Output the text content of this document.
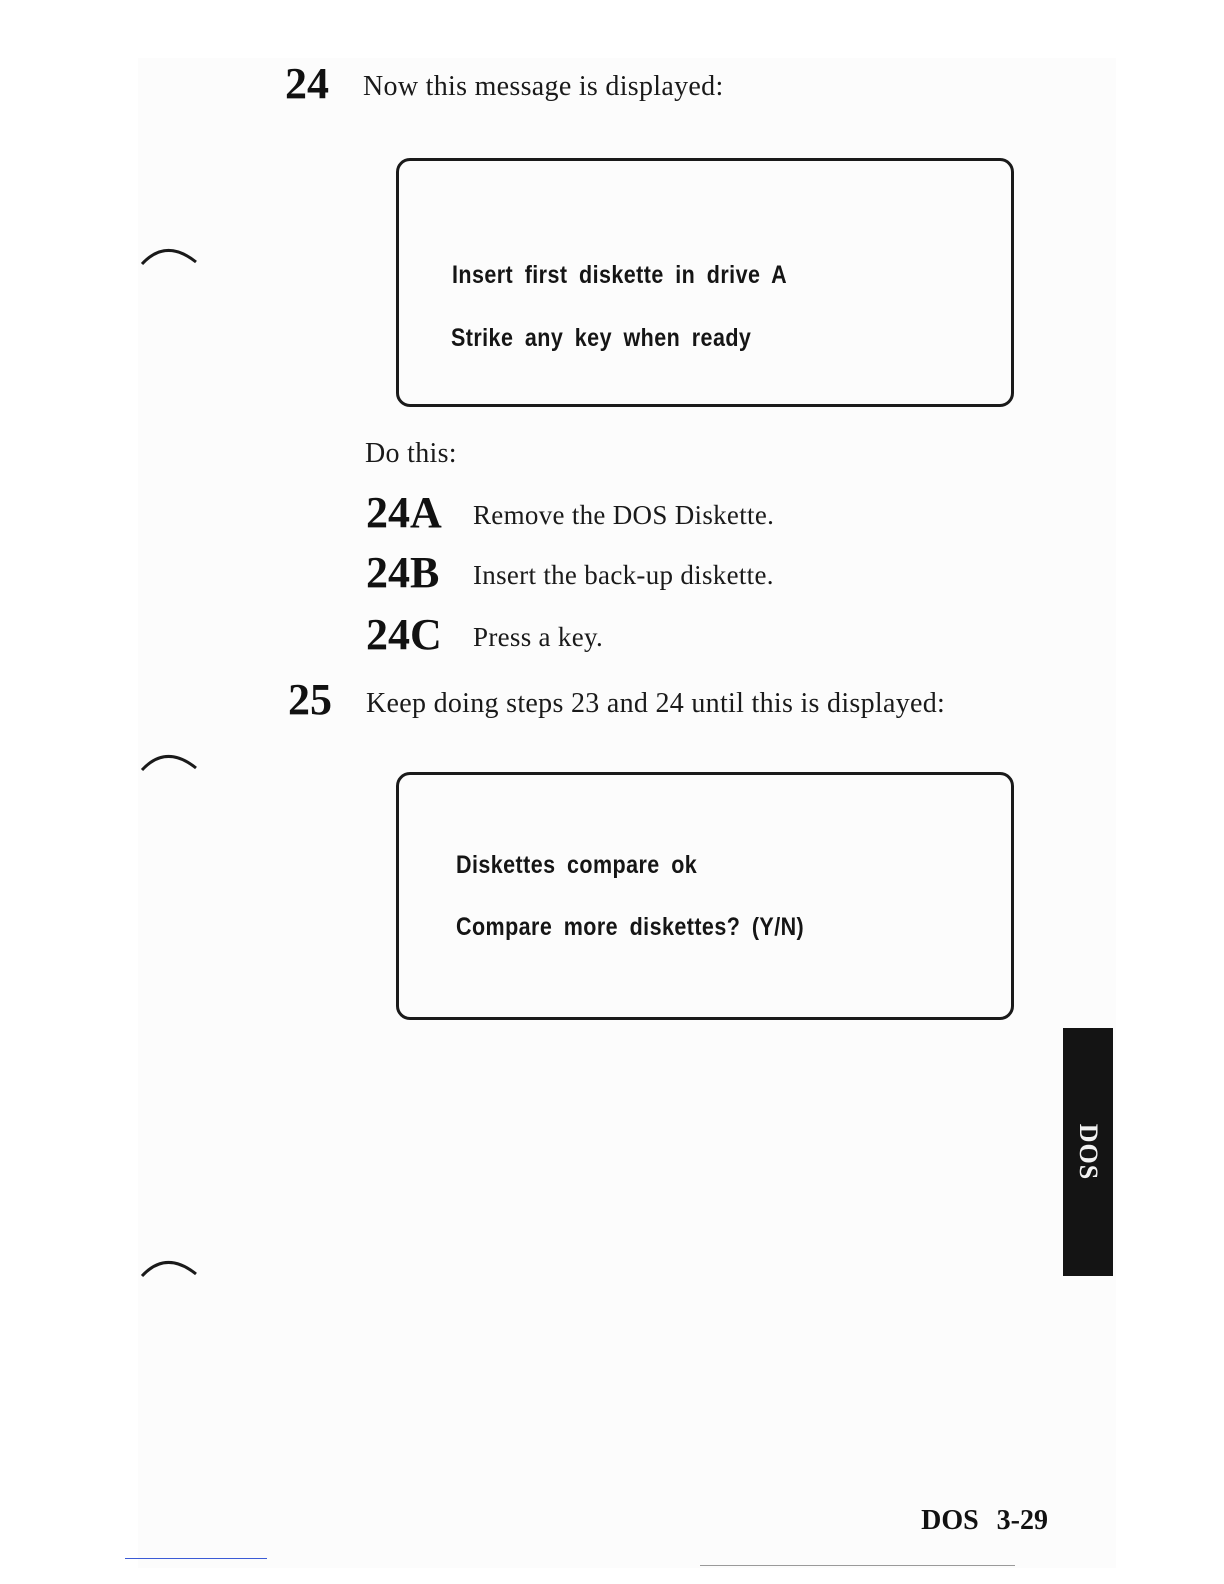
24 Now this message is displayed:
Insert first diskette in drive A
Strike any key when ready
Do this:
24A Remove the DOS Diskette.
24B Insert the back-up diskette.
24C Press a key.
25 Keep doing steps 23 and 24 until this is displayed:
Diskettes compare ok
Compare more diskettes? (Y/N)
DOS
DOS 3-29
